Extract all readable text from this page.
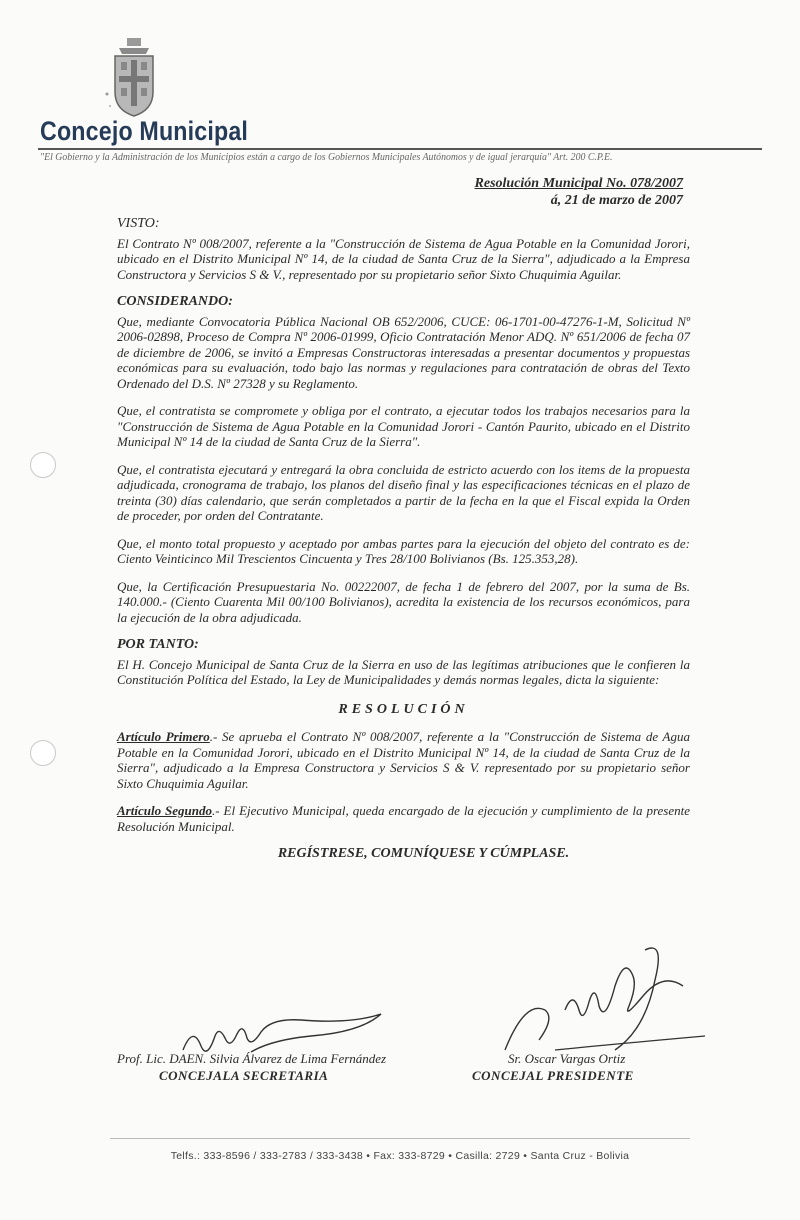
Concejo Municipal
"El Gobierno y la Administración de los Municipios están a cargo de los Gobiernos Municipales Autónomos y de igual jerarquía" Art. 200 C.P.E.
Resolución Municipal No. 078/2007
á, 21 de marzo de 2007
VISTO:

El Contrato Nº 008/2007, referente a la "Construcción de Sistema de Agua Potable en la Comunidad Jorori, ubicado en el Distrito Municipal Nº 14, de la ciudad de Santa Cruz de la Sierra", adjudicado a la Empresa Constructora y Servicios S & V., representado por su propietario señor Sixto Chuquimia Aguilar.

CONSIDERANDO:

Que, mediante Convocatoria Pública Nacional OB 652/2006, CUCE: 06-1701-00-47276-1-M, Solicitud Nº 2006-02898, Proceso de Compra Nº 2006-01999, Oficio Contratación Menor ADQ. Nº 651/2006 de fecha 07 de diciembre de 2006, se invitó a Empresas Constructoras interesadas a presentar documentos y propuestas económicas para su evaluación, todo bajo las normas y regulaciones para contratación de obras del Texto Ordenado del D.S. Nº 27328 y su Reglamento.

Que, el contratista se compromete y obliga por el contrato, a ejecutar todos los trabajos necesarios para la "Construcción de Sistema de Agua Potable en la Comunidad Jorori - Cantón Paurito, ubicado en el Distrito Municipal Nº 14 de la ciudad de Santa Cruz de la Sierra".

Que, el contratista ejecutará y entregará la obra concluida de estricto acuerdo con los items de la propuesta adjudicada, cronograma de trabajo, los planos del diseño final y las especificaciones técnicas en el plazo de treinta (30) días calendario, que serán completados a partir de la fecha en la que el Fiscal expida la Orden de proceder, por orden del Contratante.

Que, el monto total propuesto y aceptado por ambas partes para la ejecución del objeto del contrato es de: Ciento Veinticinco Mil Trescientos Cincuenta y Tres 28/100 Bolivianos (Bs. 125.353,28).

Que, la Certificación Presupuestaria No. 00222007, de fecha 1 de febrero del 2007, por la suma de Bs. 140.000.- (Ciento Cuarenta Mil 00/100 Bolivianos), acredita la existencia de los recursos económicos, para la ejecución de la obra adjudicada.

POR TANTO:

El H. Concejo Municipal de Santa Cruz de la Sierra en uso de las legítimas atribuciones que le confieren la Constitución Política del Estado, la Ley de Municipalidades y demás normas legales, dicta la siguiente:

RESOLUCIÓN

Artículo Primero.- Se aprueba el Contrato Nº 008/2007, referente a la "Construcción de Sistema de Agua Potable en la Comunidad Jorori, ubicado en el Distrito Municipal Nº 14, de la ciudad de Santa Cruz de la Sierra", adjudicado a la Empresa Constructora y Servicios S & V. representado por su propietario señor Sixto Chuquimia Aguilar.

Artículo Segundo.- El Ejecutivo Municipal, queda encargado de la ejecución y cumplimiento de la presente Resolución Municipal.

REGÍSTRESE, COMUNÍQUESE Y CÚMPLASE.
Prof. Lic. DAEN. Silvia Álvarez de Lima Fernández
CONCEJALA SECRETARIA
Sr. Oscar Vargas Ortiz
CONCEJAL PRESIDENTE
Telfs.: 333-8596 / 333-2783 / 333-3438 • Fax: 333-8729 • Casilla: 2729 • Santa Cruz - Bolivia
